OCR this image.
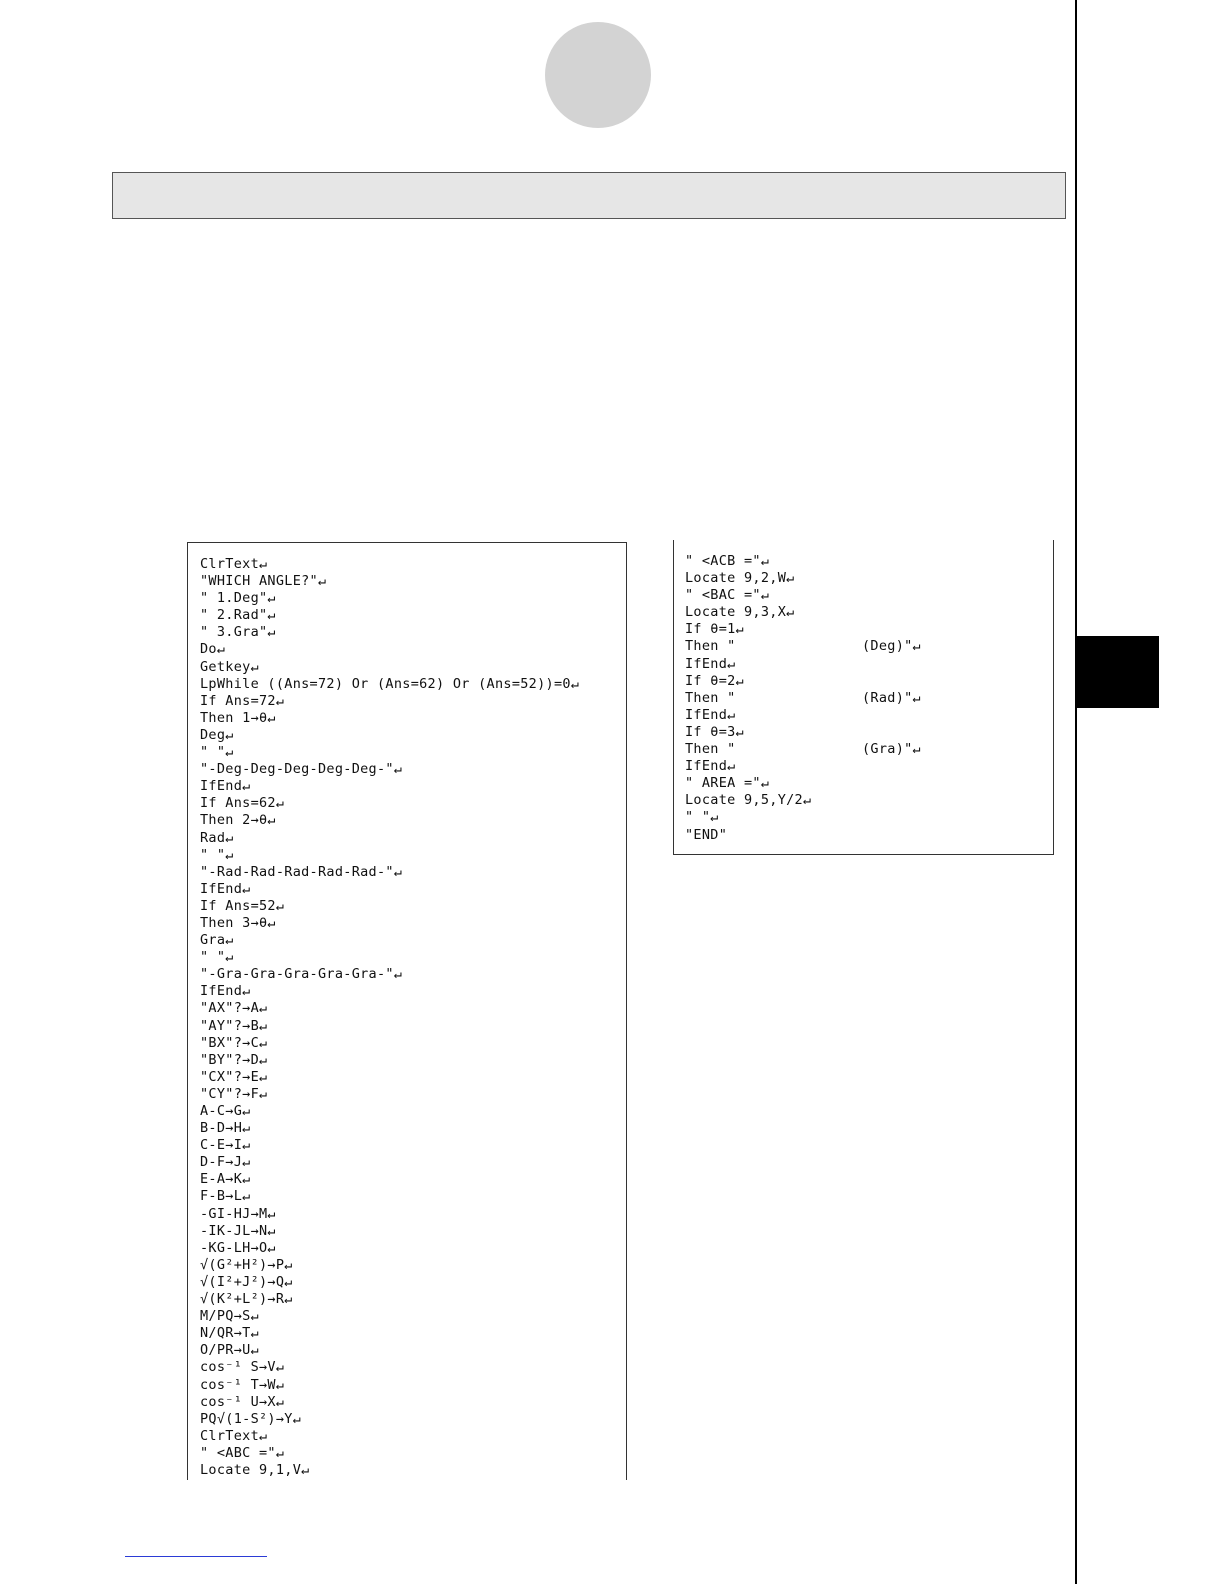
ClrText↵
"WHICH ANGLE?"↵
" 1.Deg"↵
" 2.Rad"↵
" 3.Gra"↵
Do↵
Getkey↵
LpWhile ((Ans=72) Or (Ans=62) Or (Ans=52))=0↵
If Ans=72↵
Then 1→θ↵
Deg↵
" "↵
"-Deg-Deg-Deg-Deg-Deg-"↵
IfEnd↵
If Ans=62↵
Then 2→θ↵
Rad↵
" "↵
"-Rad-Rad-Rad-Rad-Rad-"↵
IfEnd↵
If Ans=52↵
Then 3→θ↵
Gra↵
" "↵
"-Gra-Gra-Gra-Gra-Gra-"↵
IfEnd↵
"AX"?→A↵
"AY"?→B↵
"BX"?→C↵
"BY"?→D↵
"CX"?→E↵
"CY"?→F↵
A-C→G↵
B-D→H↵
C-E→I↵
D-F→J↵
E-A→K↵
F-B→L↵
-GI-HJ→M↵
-IK-JL→N↵
-KG-LH→O↵
√(G²+H²)→P↵
√(I²+J²)→Q↵
√(K²+L²)→R↵
M/PQ→S↵
N/QR→T↵
O/PR→U↵
cos⁻¹ S→V↵
cos⁻¹ T→W↵
cos⁻¹ U→X↵
PQ√(1-S²)→Y↵
ClrText↵
" <ABC ="↵
Locate 9,1,V↵
" <ACB ="↵
Locate 9,2,W↵
" <BAC ="↵
Locate 9,3,X↵
If θ=1↵
Then "               (Deg)"↵
IfEnd↵
If θ=2↵
Then "               (Rad)"↵
IfEnd↵
If θ=3↵
Then "               (Gra)"↵
IfEnd↵
" AREA ="↵
Locate 9,5,Y/2↵
" "↵
"END"
